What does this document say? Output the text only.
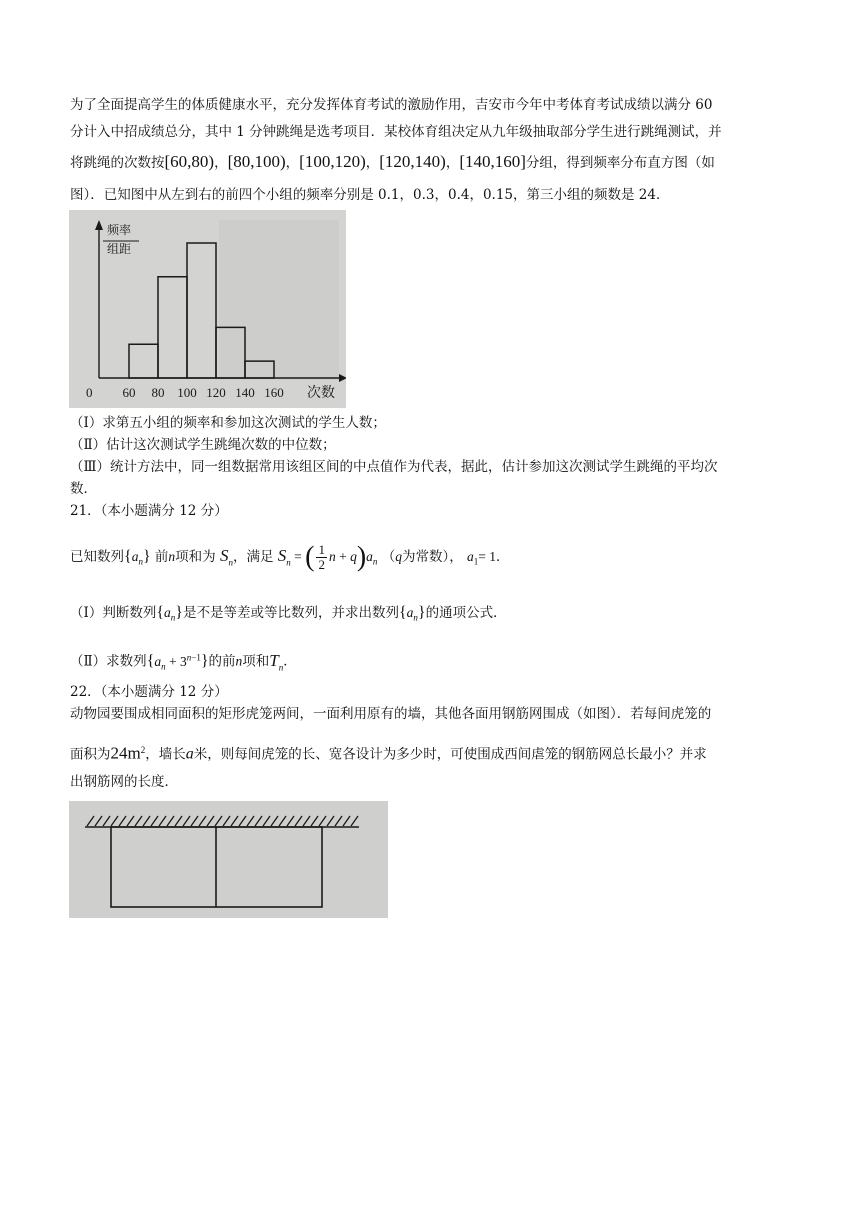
为了全面提高学生的体质健康水平，充分发挥体育考试的激励作用，吉安市今年中考体育考试成绩以满分 60
分计入中招成绩总分，其中 1 分钟跳绳是选考项目．某校体育组决定从九年级抽取部分学生进行跳绳测试，并
将跳绳的次数按[60,80)，[80,100)，[100,120)，[120,140)，[140,160]分组，得到频率分布直方图（如
图）．已知图中从左到右的前四个小组的频率分别是 0.1，0.3，0.4，0.15，第三小组的频数是 24．
频率
组距
0 60 80 100 120 140 160 次数
（Ⅰ）求第五小组的频率和参加这次测试的学生人数；
（Ⅱ）估计这次测试学生跳绳次数的中位数；
（Ⅲ）统计方法中，同一组数据常用该组区间的中点值作为代表，据此，估计参加这次测试学生跳绳的平均次
数．
21．（本小题满分 12 分）
已知数列$\{a_n\}$ 前n项和为 $S_n$，满足 $S_n$ = ( $\frac{1}{2}$ $n + q)a_n$ （q为常数）， $a_1= 1$．
（Ⅰ）判断数列$\{a_n\}$是不是等差或等比数列，并求出数列$\{a_n\}$的通项公式．
（Ⅱ）求数列$\{a_n + 3^{n-1}\}$的前n项和$T_n$．
22．（本小题满分 12 分）
动物园要围成相同面积的矩形虎笼两间，一面利用原有的墙，其他各面用钢筋网围成（如图）．若每间虎笼的
面积为$24m^2$，墙长a米，则每间虎笼的长、宽各设计为多少时，可使围成西间虐笼的钢筋网总长最小？并求
出钢筋网的长度．
